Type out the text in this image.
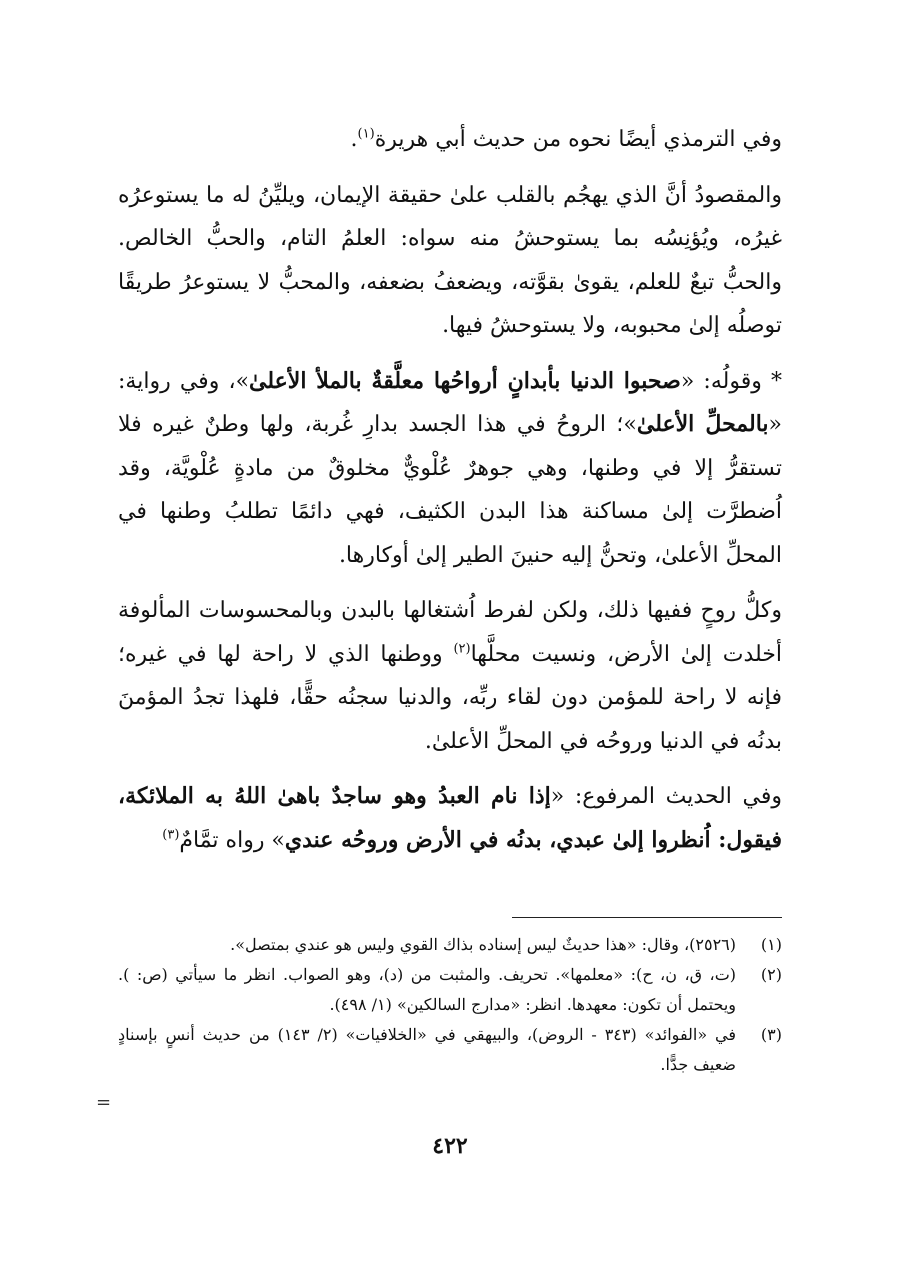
وفي الترمذي أيضًا نحوه من حديث أبي هريرة$^{(١)}$.

والمقصودُ أنَّ الذي يهجُم بالقلب علىٰ حقيقة الإيمان، ويليِّنُ له ما يستوعرُه غيرُه، ويُؤنِسُه بما يستوحشُ منه سواه: العلمُ التام، والحبُّ الخالص. والحبُّ تبعٌ للعلم، يقوىٰ بقوَّته، ويضعفُ بضعفه، والمحبُّ لا يستوعرُ طريقًا توصلُه إلىٰ محبوبه، ولا يستوحشُ فيها.

* وقولُه: «صحبوا الدنيا بأبدانٍ أرواحُها معلَّقةٌ بالملأ الأعلىٰ»، وفي رواية: «بالمحلِّ الأعلىٰ»؛ الروحُ في هذا الجسد بدارِ غُربة، ولها وطنٌ غيره فلا تستقرُّ إلا في وطنها، وهي جوهرٌ عُلْويٌّ مخلوقٌ من مادةٍ عُلْويَّة، وقد اُضطرَّت إلىٰ مساكنة هذا البدن الكثيف، فهي دائمًا تطلبُ وطنها في المحلِّ الأعلىٰ، وتحنُّ إليه حنينَ الطير إلىٰ أوكارها.

وكلُّ روحٍ ففيها ذلك، ولكن لفرط اُشتغالها بالبدن وبالمحسوسات المألوفة أخلدت إلىٰ الأرض، ونسيت محلَّها$^{(٢)}$ ووطنها الذي لا راحة لها في غيره؛ فإنه لا راحة للمؤمن دون لقاء ربِّه، والدنيا سجنُه حقًّا، فلهذا تجدُ المؤمنَ بدنُه في الدنيا وروحُه في المحلِّ الأعلىٰ.

وفي الحديث المرفوع: «إذا نام العبدُ وهو ساجدٌ باهىٰ اللهُ به الملائكة، فيقول: اُنظروا إلىٰ عبدي، بدنُه في الأرض وروحُه عندي» رواه تمَّامٌ$^{(٣)}$

(١)
(٢٥٢٦)، وقال: «هذا حديثٌ ليس إسناده بذاك القوي وليس هو عندي بمتصل».
(٢)
(ت، ق، ن، ح): «معلمها». تحريف. والمثبت من (د)، وهو الصواب. انظر ما سيأتي (ص: ). ويحتمل أن تكون: معهدها. انظر: «مدارج السالكين» (١/ ٤٩٨).
(٣)
في «الفوائد» (٣٤٣ - الروض)، والبيهقي في «الخلافيات» (٢/ ١٤٣) من حديث أنسٍ بإسنادٍ ضعيف جدًّا.
=
٤٢٢
